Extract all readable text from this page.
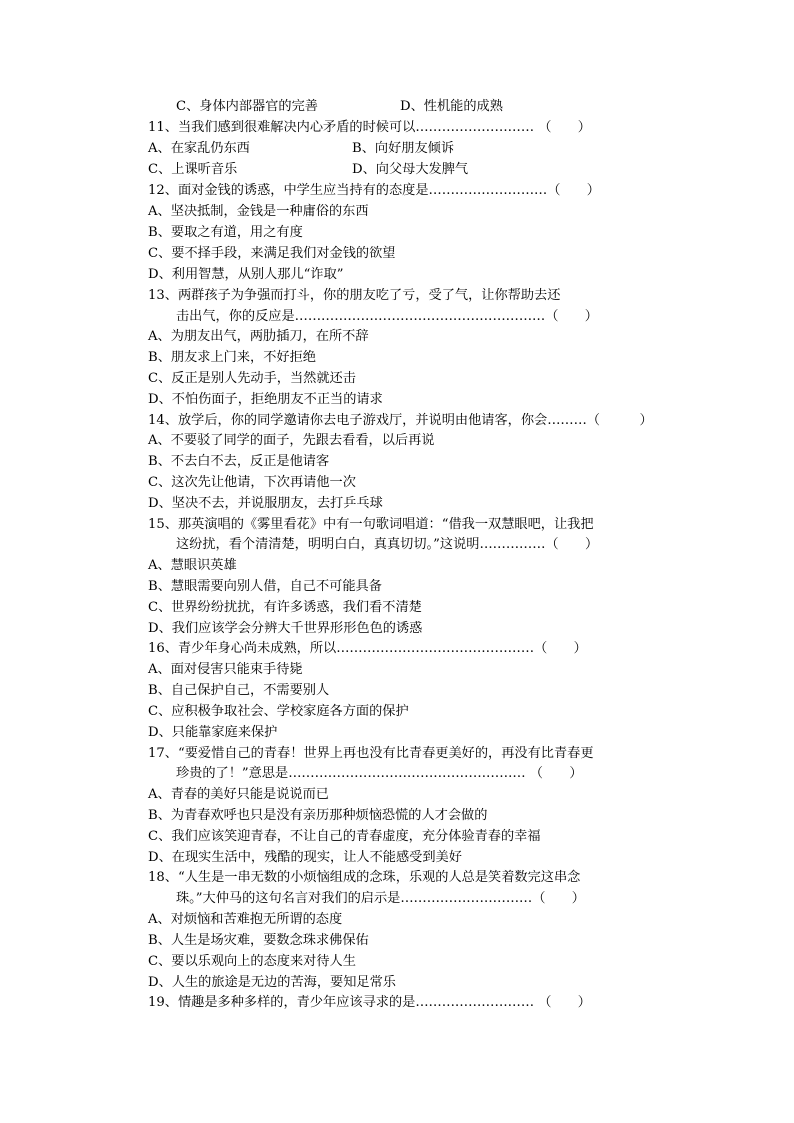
C、身体内部器官的完善	D、性机能的成熟
11、当我们感到很难解决内心矛盾的时候可以……………………… （　　）
A、在家乱仍东西	B、向好朋友倾诉
C、上课听音乐	D、向父母大发脾气
12、面对金钱的诱惑，中学生应当持有的态度是………………………（　　）
A、坚决抵制，金钱是一种庸俗的东西
B、要取之有道，用之有度
C、要不择手段，来满足我们对金钱的欲望
D、利用智慧，从别人那儿“诈取”
13、两群孩子为争强而打斗，你的朋友吃了亏，受了气，让你帮助去还
击出气，你的反应是…………………………………………………（　　）
A、为朋友出气，两肋插刀，在所不辞
B、朋友求上门来，不好拒绝
C、反正是别人先动手，当然就还击
D、不怕伤面子，拒绝朋友不正当的请求
14、放学后，你的同学邀请你去电子游戏厅，并说明由他请客，你会………（　　　）
A、不要驳了同学的面子，先跟去看看，以后再说
B、不去白不去，反正是他请客
C、这次先让他请，下次再请他一次
D、坚决不去，并说服朋友，去打乒乓球
15、那英演唱的《雾里看花》中有一句歌词唱道：“借我一双慧眼吧，让我把
这纷扰，看个清清楚，明明白白，真真切切。”这说明……………（　　）
A、慧眼识英雄
B、慧眼需要向别人借，自己不可能具备
C、世界纷纷扰扰，有许多诱惑，我们看不清楚
D、我们应该学会分辨大千世界形形色色的诱惑
16、青少年身心尚未成熟，所以………………………………………（　　）
A、面对侵害只能束手待毙
B、自己保护自己，不需要别人
C、应积极争取社会、学校家庭各方面的保护
D、只能靠家庭来保护
17、“要爱惜自己的青春！世界上再也没有比青春更美好的，再没有比青春更
珍贵的了！”意思是……………………………………………… （　　）
A、青春的美好只能是说说而已
B、为青春欢呼也只是没有亲历那种烦恼恐慌的人才会做的
C、我们应该笑迎青春，不让自己的青春虚度，充分体验青春的幸福
D、在现实生活中，残酷的现实，让人不能感受到美好
18、“人生是一串无数的小烦恼组成的念珠，乐观的人总是笑着数完这串念
珠。”大仲马的这句名言对我们的启示是…………………………（　　）
A、对烦恼和苦难抱无所谓的态度
B、人生是场灾难，要数念珠求佛保佑
C、要以乐观向上的态度来对待人生
D、人生的旅途是无边的苦海，要知足常乐
19、情趣是多种多样的，青少年应该寻求的是……………………… （　　）
